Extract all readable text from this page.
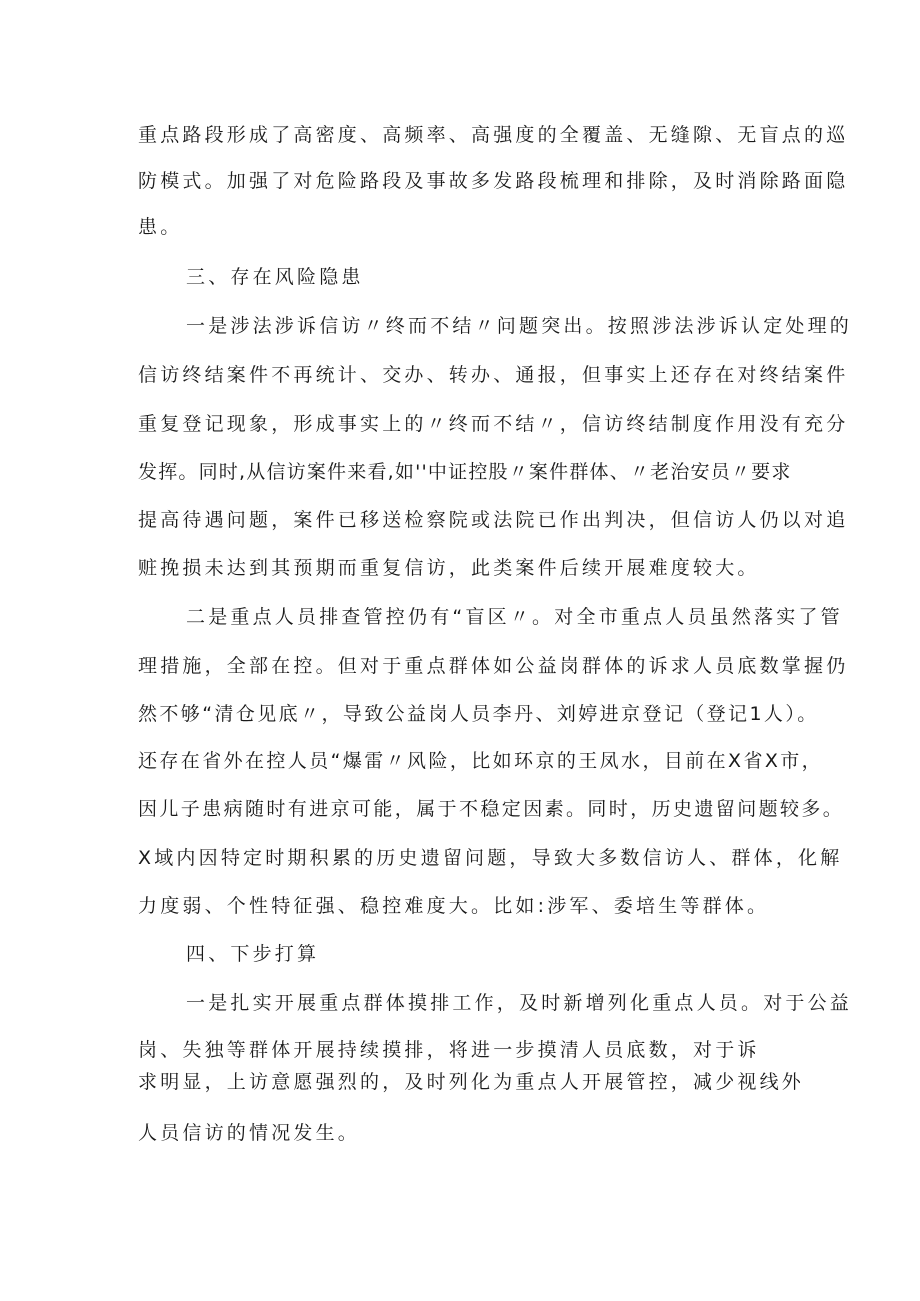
重点路段形成了高密度、高频率、高强度的全覆盖、无缝隙、无盲点的巡
防模式。加强了对危险路段及事故多发路段梳理和排除，及时消除路面隐
患。
三、存在风险隐患
一是涉法涉诉信访〃终而不结〃问题突出。按照涉法涉诉认定处理的
信访终结案件不再统计、交办、转办、通报，但事实上还存在对终结案件
重复登记现象，形成事实上的〃终而不结〃，信访终结制度作用没有充分
发挥。同时,从信访案件来看,如''中证控股〃案件群体、〃老治安员〃要求
提高待遇问题，案件已移送检察院或法院已作出判决，但信访人仍以对追
赃挽损未达到其预期而重复信访，此类案件后续开展难度较大。
二是重点人员排查管控仍有“盲区〃。对全市重点人员虽然落实了管
理措施，全部在控。但对于重点群体如公益岗群体的诉求人员底数掌握仍
然不够“清仓见底〃，导致公益岗人员李丹、刘婷进京登记（登记1人）。
还存在省外在控人员“爆雷〃风险，比如环京的王凤水，目前在X省X市，
因儿子患病随时有进京可能，属于不稳定因素。同时，历史遗留问题较多。
X域内因特定时期积累的历史遗留问题，导致大多数信访人、群体，化解
力度弱、个性特征强、稳控难度大。比如:涉军、委培生等群体。
四、下步打算
一是扎实开展重点群体摸排工作，及时新增列化重点人员。对于公益
岗、失独等群体开展持续摸排，将进一步摸清人员底数，对于诉
求明显，上访意愿强烈的，及时列化为重点人开展管控，减少视线外
人员信访的情况发生。
